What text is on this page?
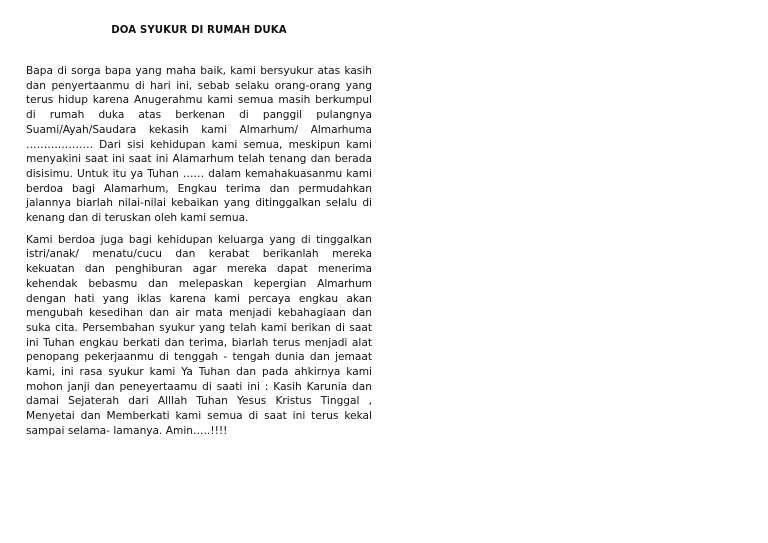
DOA SYUKUR DI RUMAH DUKA

Bapa di sorga bapa yang maha baik, kami bersyukur atas kasih dan penyertaanmu di hari ini, sebab selaku orang-orang yang terus hidup karena Anugerahmu kami semua masih berkumpul di rumah duka atas berkenan di panggil pulangnya Suami/Ayah/Saudara kekasih kami Almarhum/ Almarhuma ………………. Dari sisi kehidupan kami semua, meskipun kami menyakini saat ini saat ini Alamarhum telah tenang dan berada disisimu. Untuk itu ya Tuhan …… dalam kemahakuasanmu kami berdoa bagi Alamarhum, Engkau terima dan permudahkan jalannya biarlah nilai-nilai kebaikan yang ditinggalkan selalu di kenang dan di teruskan oleh kami semua.

Kami berdoa juga bagi kehidupan keluarga yang di tinggalkan istri/anak/ menatu/cucu dan kerabat berikanlah mereka kekuatan dan penghiburan agar mereka dapat menerima kehendak bebasmu dan melepaskan kepergian Almarhum dengan hati yang iklas karena kami percaya engkau akan mengubah kesedihan dan air mata menjadi kebahagiaan dan suka cita. Persembahan syukur yang telah kami berikan di saat ini Tuhan engkau berkati dan terima, biarlah terus menjadi alat penopang pekerjaanmu di tenggah - tengah dunia dan jemaat kami, ini rasa syukur kami Ya Tuhan dan pada ahkirnya kami mohon janji dan peneyertaamu di saati ini : Kasih Karunia dan damai Sejaterah dari Alllah Tuhan Yesus Kristus Tinggal , Menyetai dan Memberkati kami semua di saat ini terus kekal sampai selama- lamanya. Amin…..!!!!
